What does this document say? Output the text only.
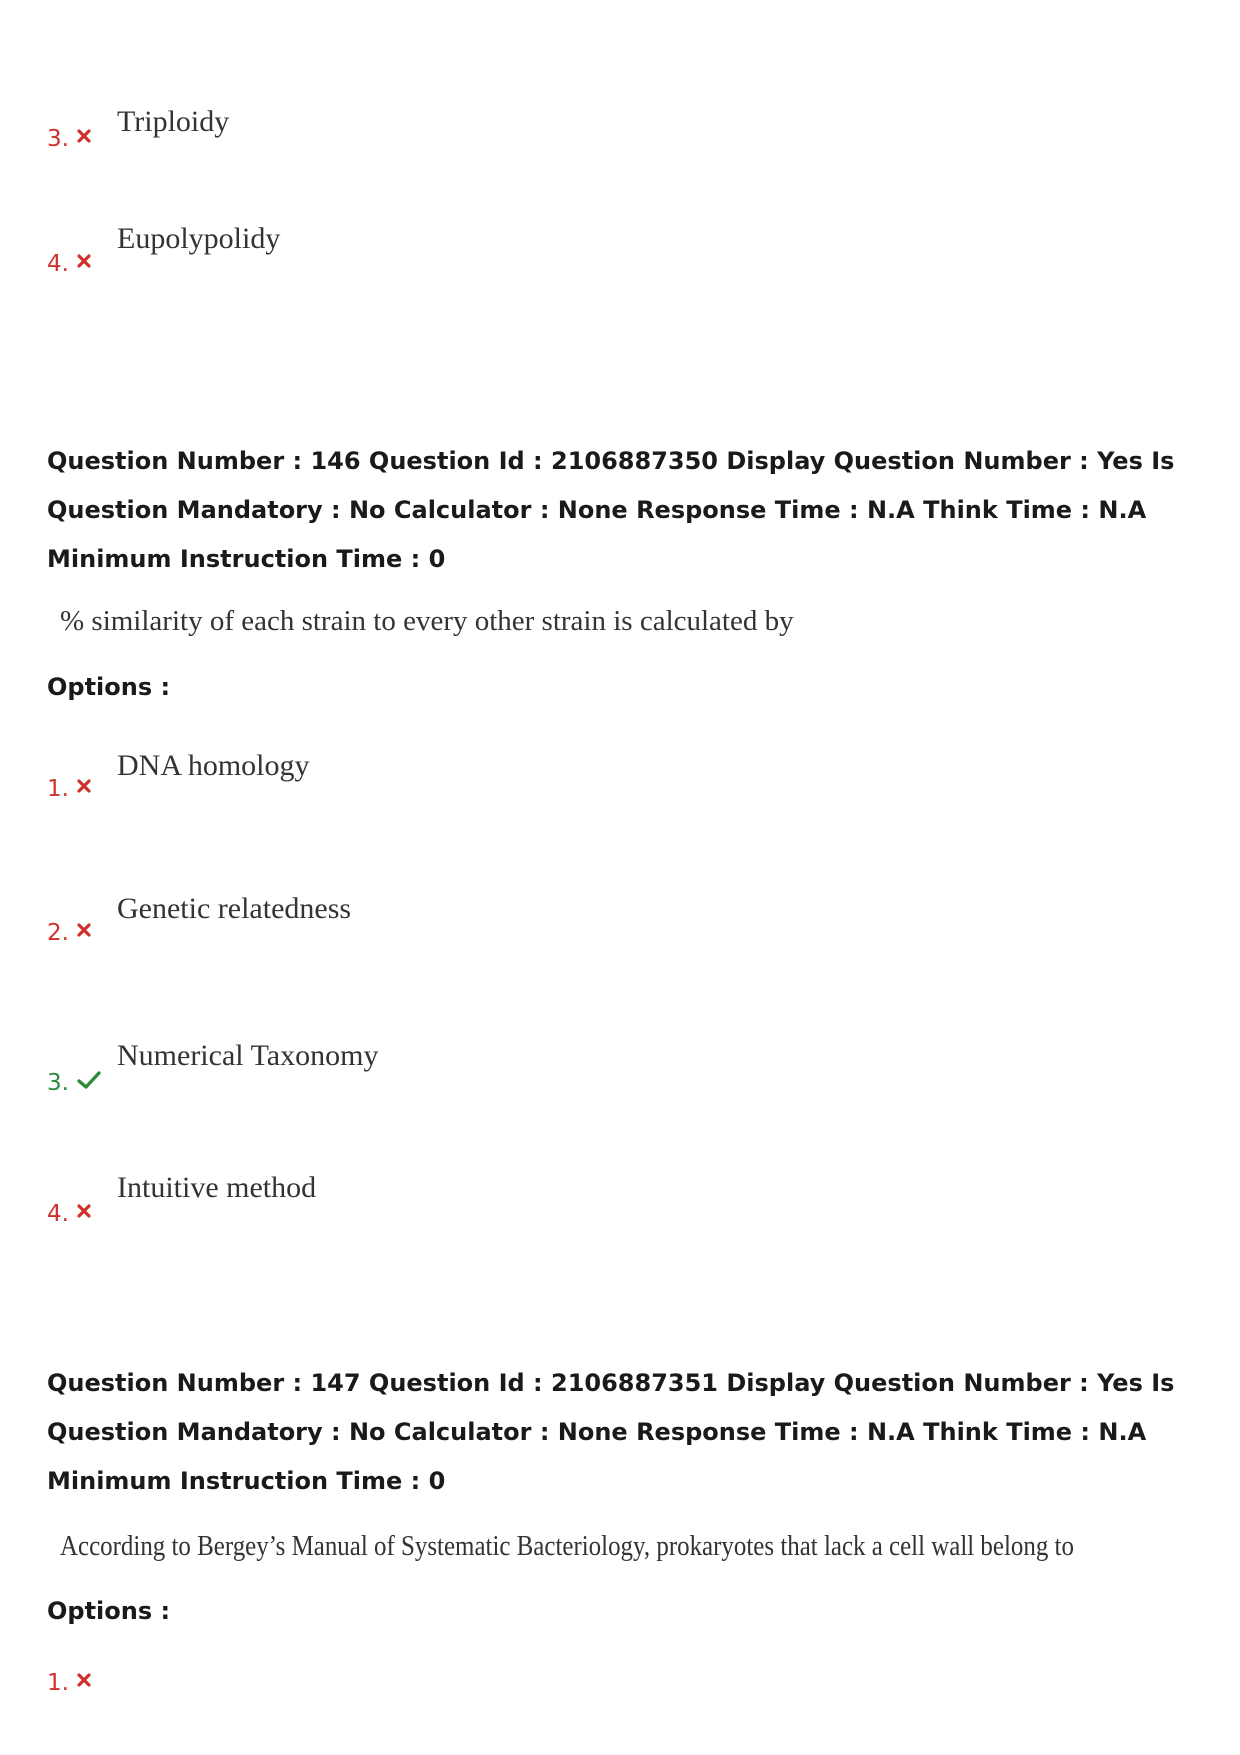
3.
Triploidy
4.
Eupolypolidy
Question Number : 146 Question Id : 2106887350 Display Question Number : Yes Is Question Mandatory : No Calculator : None Response Time : N.A Think Time : N.A Minimum Instruction Time : 0
% similarity of each strain to every other strain is calculated by
Options :
1.
DNA homology
2.
Genetic relatedness
3.
Numerical Taxonomy
4.
Intuitive method
Question Number : 147 Question Id : 2106887351 Display Question Number : Yes Is Question Mandatory : No Calculator : None Response Time : N.A Think Time : N.A Minimum Instruction Time : 0
According to Bergey’s Manual of Systematic Bacteriology, prokaryotes that lack a cell wall belong to
Options :
1.
